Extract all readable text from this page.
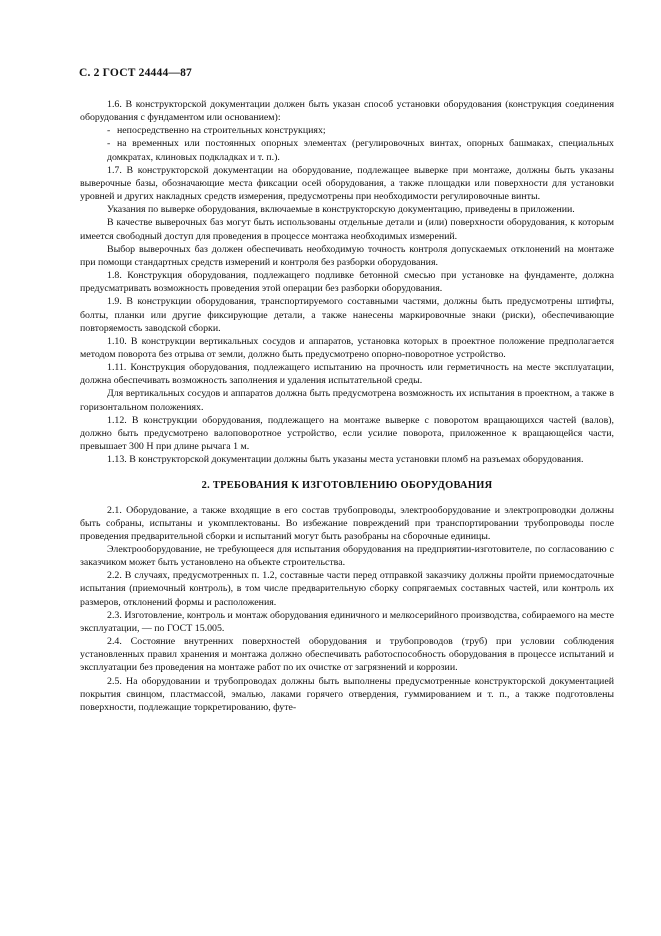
С. 2 ГОСТ 24444—87

1.6. В конструкторской документации должен быть указан способ установки оборудования (конструкция соединения оборудования с фундаментом или основанием):

- непосредственно на строительных конструкциях;

- на временных или постоянных опорных элементах (регулировочных винтах, опорных башмаках, специальных домкратах, клиновых подкладках и т. п.).

1.7. В конструкторской документации на оборудование, подлежащее выверке при монтаже, должны быть указаны выверочные базы, обозначающие места фиксации осей оборудования, а также площадки или поверхности для установки уровней и других накладных средств измерения, предусмотрены при необходимости регулировочные винты.

Указания по выверке оборудования, включаемые в конструкторскую документацию, приведены в приложении.

В качестве выверочных баз могут быть использованы отдельные детали и (или) поверхности оборудования, к которым имеется свободный доступ для проведения в процессе монтажа необходимых измерений.

Выбор выверочных баз должен обеспечивать необходимую точность контроля допускаемых отклонений на монтаже при помощи стандартных средств измерений и контроля без разборки оборудования.

1.8. Конструкция оборудования, подлежащего подливке бетонной смесью при установке на фундаменте, должна предусматривать возможность проведения этой операции без разборки оборудования.

1.9. В конструкции оборудования, транспортируемого составными частями, должны быть предусмотрены штифты, болты, планки или другие фиксирующие детали, а также нанесены маркировочные знаки (риски), обеспечивающие повторяемость заводской сборки.

1.10. В конструкции вертикальных сосудов и аппаратов, установка которых в проектное положение предполагается методом поворота без отрыва от земли, должно быть предусмотрено опорно-поворотное устройство.

1.11. Конструкция оборудования, подлежащего испытанию на прочность или герметичность на месте эксплуатации, должна обеспечивать возможность заполнения и удаления испытательной среды.

Для вертикальных сосудов и аппаратов должна быть предусмотрена возможность их испытания в проектном, а также в горизонтальном положениях.

1.12. В конструкции оборудования, подлежащего на монтаже выверке с поворотом вращающихся частей (валов), должно быть предусмотрено валоповоротное устройство, если усилие поворота, приложенное к вращающейся части, превышает 300 Н при длине рычага 1 м.

1.13. В конструкторской документации должны быть указаны места установки пломб на разъемах оборудования.

2. ТРЕБОВАНИЯ К ИЗГОТОВЛЕНИЮ ОБОРУДОВАНИЯ

2.1. Оборудование, а также входящие в его состав трубопроводы, электрооборудование и электропроводки должны быть собраны, испытаны и укомплектованы. Во избежание повреждений при транспортировании трубопроводы после проведения предварительной сборки и испытаний могут быть разобраны на сборочные единицы.

Электрооборудование, не требующееся для испытания оборудования на предприятии-изготовителе, по согласованию с заказчиком может быть установлено на объекте строительства.

2.2. В случаях, предусмотренных п. 1.2, составные части перед отправкой заказчику должны пройти приемосдаточные испытания (приемочный контроль), в том числе предварительную сборку сопрягаемых составных частей, или контроль их размеров, отклонений формы и расположения.

2.3. Изготовление, контроль и монтаж оборудования единичного и мелкосерийного производства, собираемого на месте эксплуатации, — по ГОСТ 15.005.

2.4. Состояние внутренних поверхностей оборудования и трубопроводов (труб) при условии соблюдения установленных правил хранения и монтажа должно обеспечивать работоспособность оборудования в процессе испытаний и эксплуатации без проведения на монтаже работ по их очистке от загрязнений и коррозии.

2.5. На оборудовании и трубопроводах должны быть выполнены предусмотренные конструкторской документацией покрытия свинцом, пластмассой, эмалью, лаками горячего отвердения, гуммированием и т. п., а также подготовлены поверхности, подлежащие торкретированию, футе-
